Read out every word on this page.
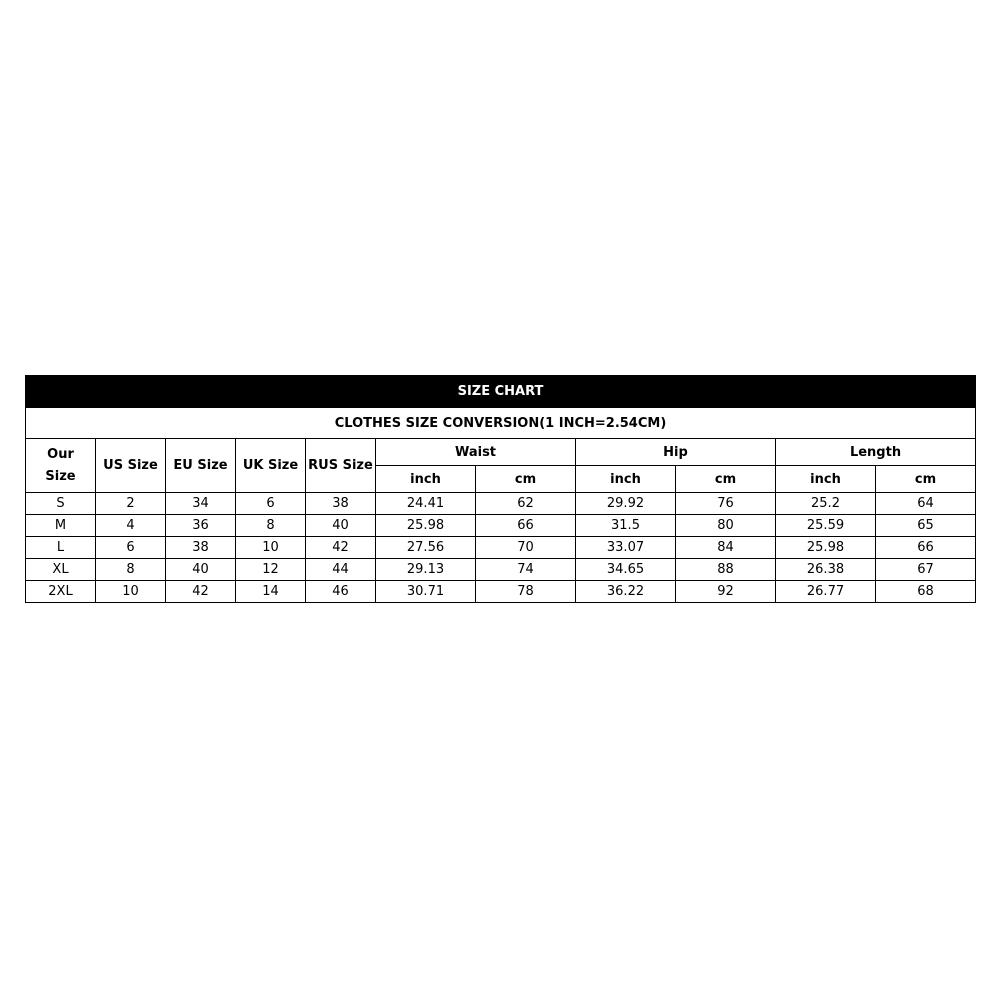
SIZE CHART										
CLOTHES SIZE CONVERSION(1 INCH=2.54CM)										
Our
Size	US Size	EU Size	UK Size	RUS Size	Waist		Hip		Length	
					inch	cm	inch	cm	inch	cm
S	2	34	6	38	24.41	62	29.92	76	25.2	64
M	4	36	8	40	25.98	66	31.5	80	25.59	65
L	6	38	10	42	27.56	70	33.07	84	25.98	66
XL	8	40	12	44	29.13	74	34.65	88	26.38	67
2XL	10	42	14	46	30.71	78	36.22	92	26.77	68
